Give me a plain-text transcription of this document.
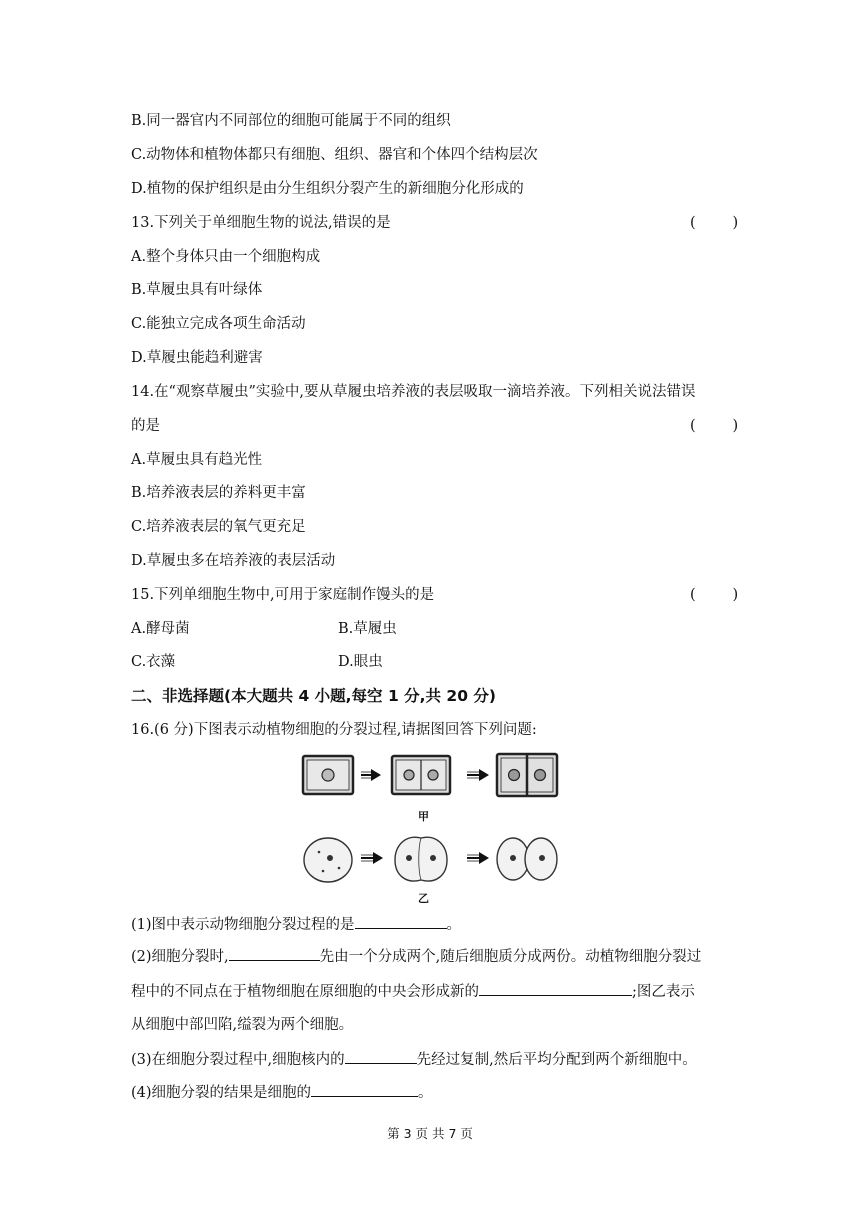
B.同一器官内不同部位的细胞可能属于不同的组织
C.动物体和植物体都只有细胞、组织、器官和个体四个结构层次
D.植物的保护组织是由分生组织分裂产生的新细胞分化形成的
13.下列关于单细胞生物的说法,错误的是	(        )
A.整个身体只由一个细胞构成
B.草履虫具有叶绿体
C.能独立完成各项生命活动
D.草履虫能趋利避害
14.在“观察草履虫”实验中,要从草履虫培养液的表层吸取一滴培养液。下列相关说法错误
的是	(        )
A.草履虫具有趋光性
B.培养液表层的养料更丰富
C.培养液表层的氧气更充足
D.草履虫多在培养液的表层活动
15.下列单细胞生物中,可用于家庭制作馒头的是	(        )
A.酵母菌	B.草履虫
C.衣藻	D.眼虫
二、非选择题(本大题共 4 小题,每空 1 分,共 20 分)
16.(6 分)下图表示动植物细胞的分裂过程,请据图回答下列问题:
甲
乙
(1)图中表示动物细胞分裂过程的是	。
(2)细胞分裂时,	先由一个分成两个,随后细胞质分成两份。动植物细胞分裂过
程中的不同点在于植物细胞在原细胞的中央会形成新的	;图乙表示
从细胞中部凹陷,缢裂为两个细胞。
(3)在细胞分裂过程中,细胞核内的	先经过复制,然后平均分配到两个新细胞中。
(4)细胞分裂的结果是细胞的	。
第 3 页 共 7 页
